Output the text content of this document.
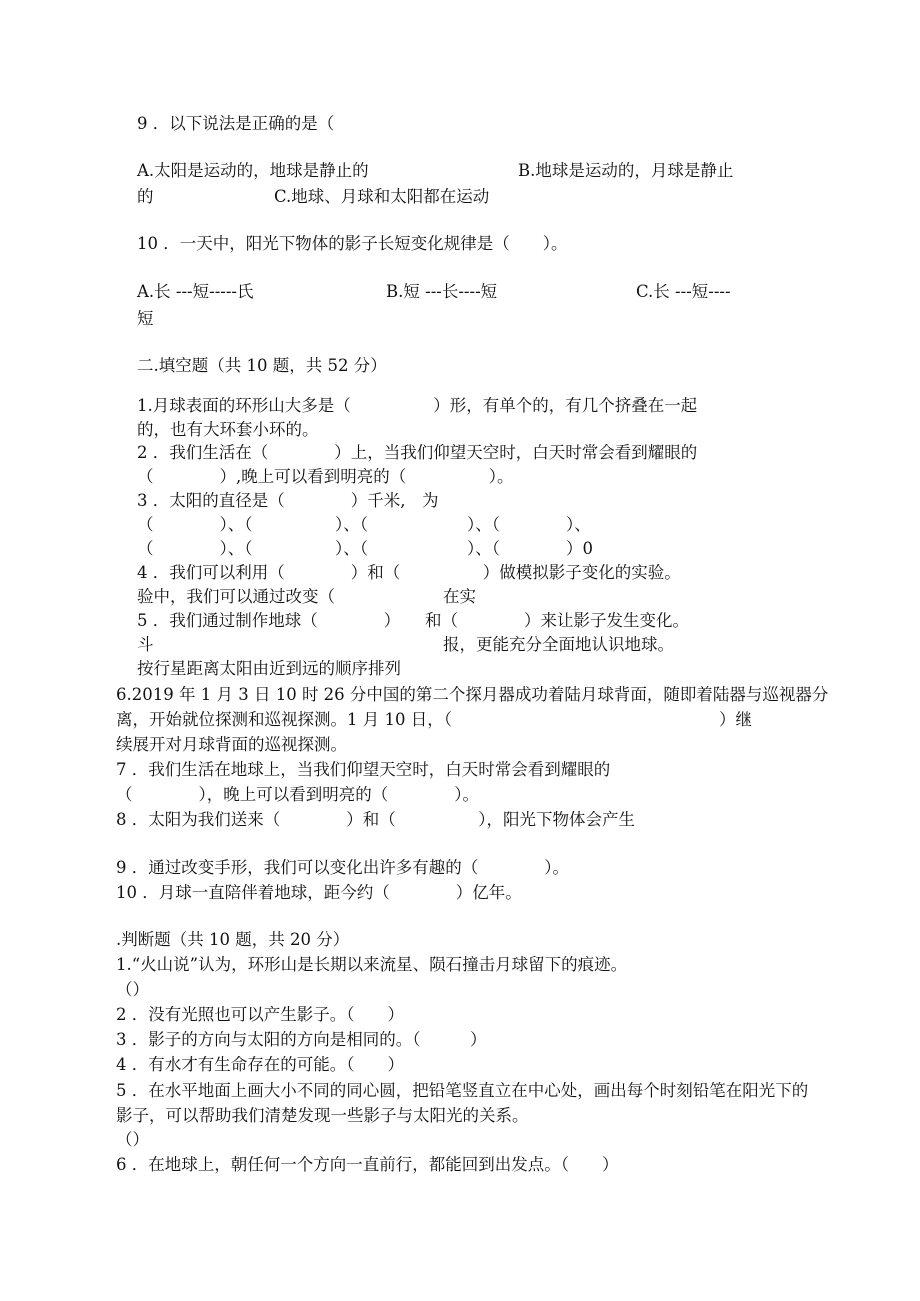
9 ．以下说法是正确的是（
A.太阳是运动的，地球是静止的	B.地球是运动的，月球是静止
的	C.地球、月球和太阳都在运动
10 ．一天中，阳光下物体的影子长短变化规律是（　　）。
A.长 ---短-----氏	B.短 ---长----短	C.长 ---短----
短
二.填空题（共 10 题，共 52 分）
1.月球表面的环形山大多是（　　　　　）形，有单个的，有几个挤叠在一起
的，也有大环套小环的。
2 ．我们生活在（　　　　）上，当我们仰望天空时，白天时常会看到耀眼的
（　　　　）,晚上可以看到明亮的（　　　　　）。
3 ．太阳的直径是（　　　　）千米,　为
（　　　　）、（　　　　　）、（　　　　　　）、（　　　　）、
（　　　　）、（　　　　　）、（　　　　　　）、（　　　　）0
4 ．我们可以利用（　　　　）和（　　　　　）做模拟影子变化的实验。
验中，我们可以通过改变（	在实
5 ．我们通过制作地球（　　　　）　　和（　　　　）来让影子发生变化。
斗	报，更能充分全面地认识地球。
按行星距离太阳由近到远的顺序排列
6.2019 年 1 月 3 日 10 时 26 分中国的第二个探月器成功着陆月球背面，随即着陆器与巡视器分
离，开始就位探测和巡视探测。1 月 10 日，（	）继
续展开对月球背面的巡视探测。
7 ．我们生活在地球上，当我们仰望天空时，白天时常会看到耀眼的
（　　　　），晚上可以看到明亮的（　　　　）。
8 ．太阳为我们送来（　　　　）和（　　　　　），阳光下物体会产生
9 ．通过改变手形，我们可以变化出许多有趣的（　　　　）。
10 ．月球一直陪伴着地球，距今约（　　　　）亿年。
.判断题（共 10 题，共 20 分）
1.“火山说”认为，环形山是长期以来流星、陨石撞击月球留下的痕迹。
（）
2 ．没有光照也可以产生影子。（　　）
3 ．影子的方向与太阳的方向是相同的。（　　　）
4 ．有水才有生命存在的可能。（　　）
5 ．在水平地面上画大小不同的同心圆，把铅笔竖直立在中心处，画出每个时刻铅笔在阳光下的
影子，可以帮助我们清楚发现一些影子与太阳光的关系。
（）
6 ．在地球上，朝任何一个方向一直前行，都能回到出发点。（　　）
